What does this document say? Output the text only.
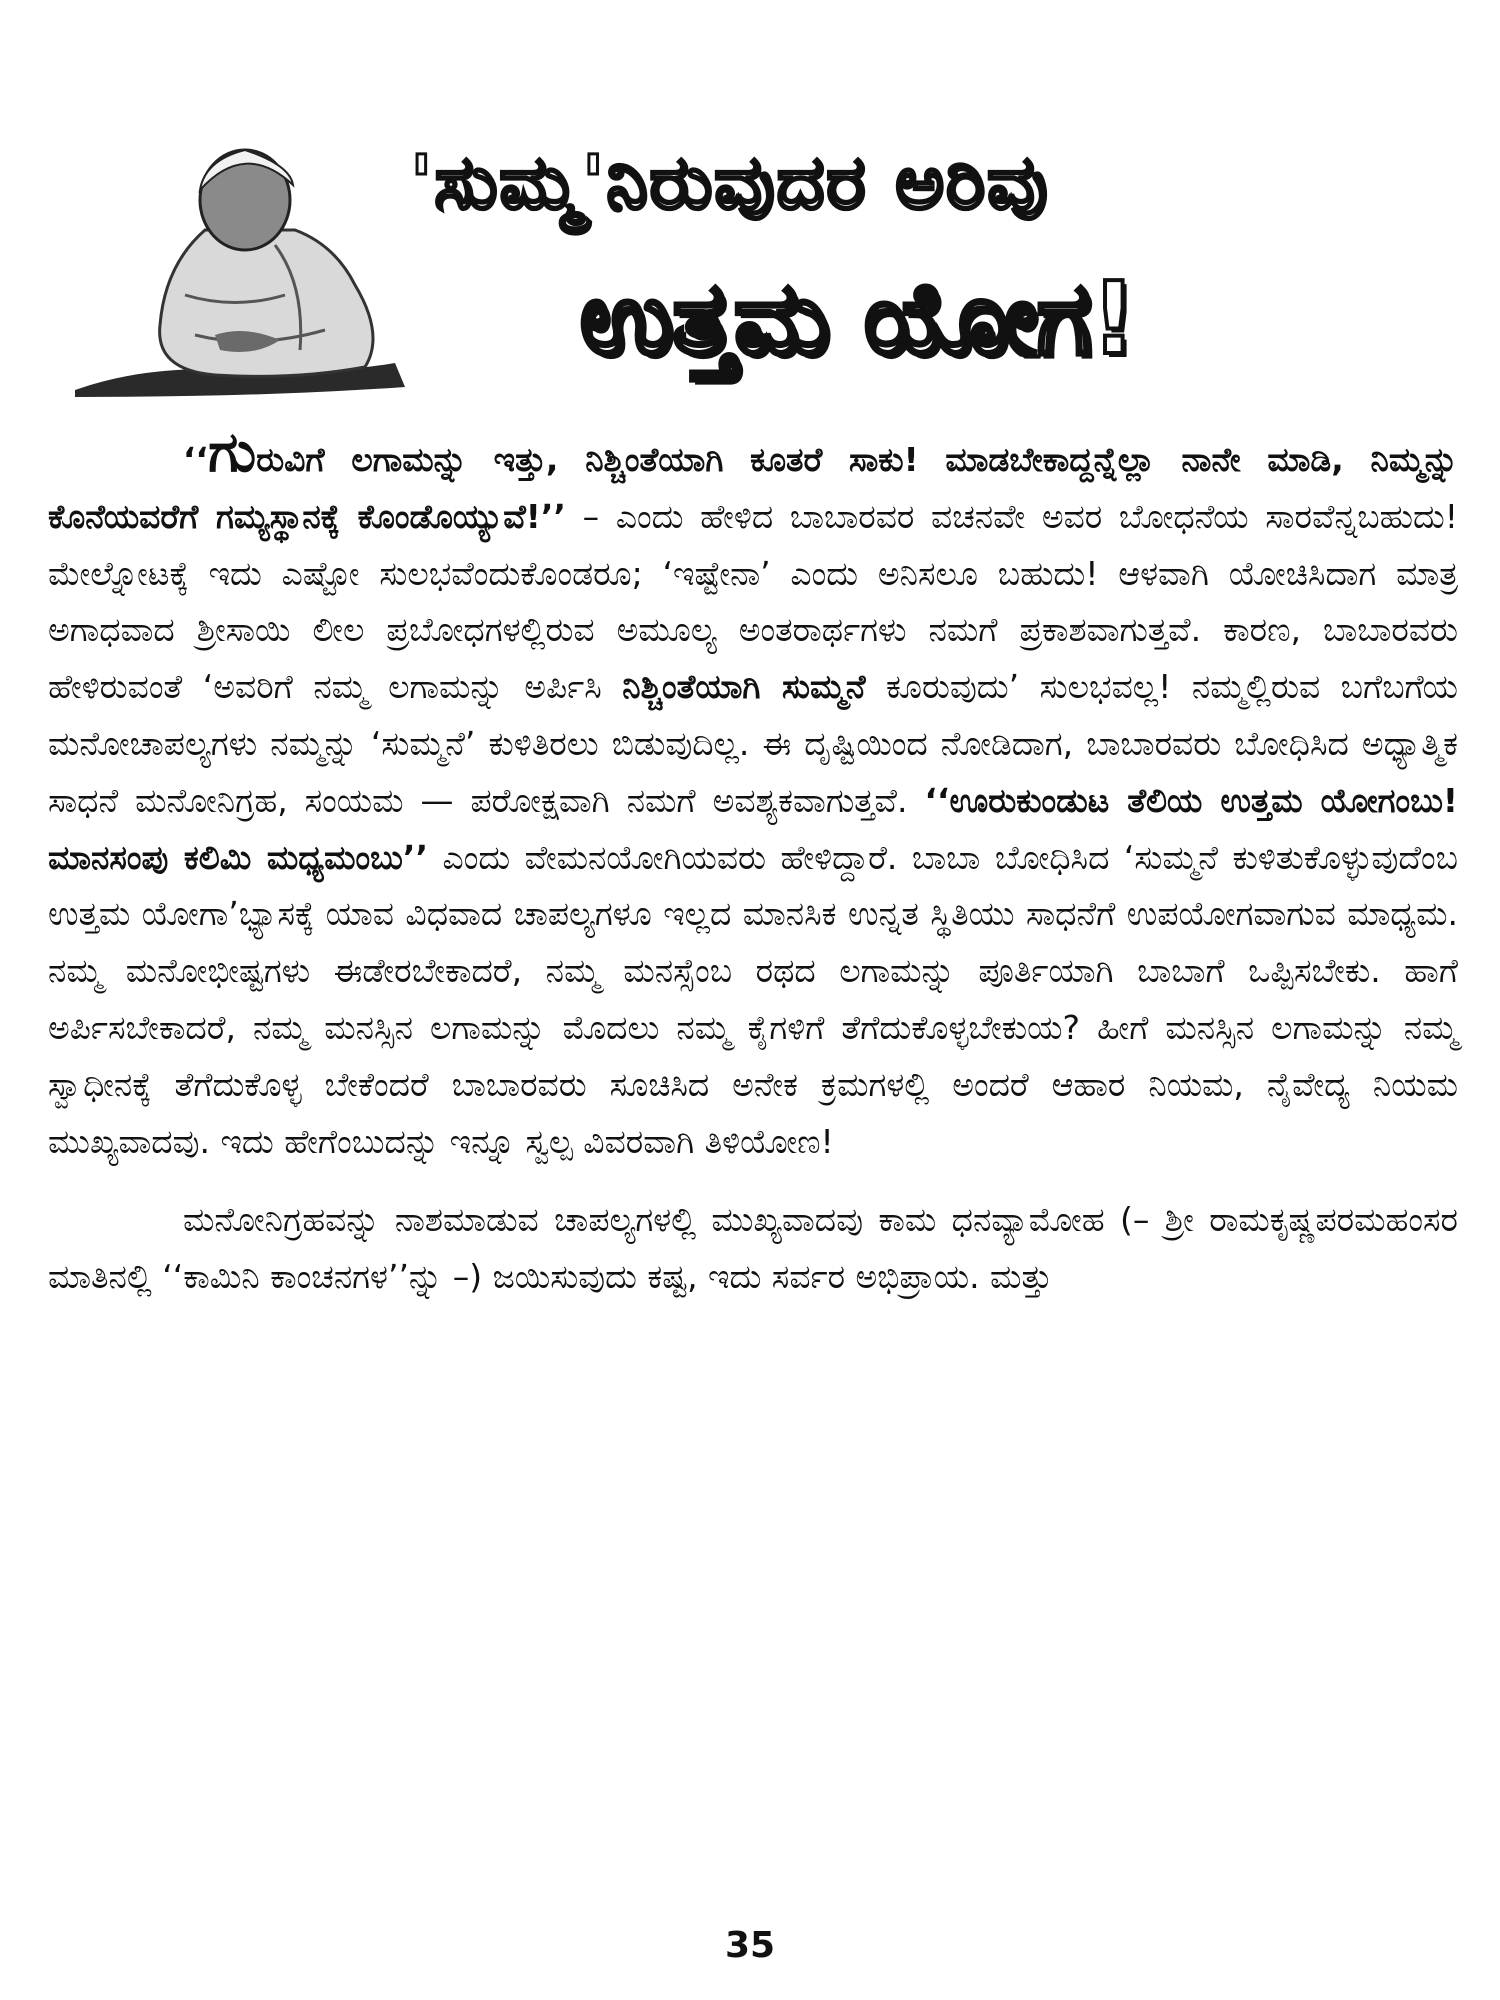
'ಸುಮ್ಮ'ನಿರುವುದರ ಅರಿವು
ಉತ್ತಮ ಯೋಗ!

‘‘ಗುರುವಿಗೆ ಲಗಾಮನ್ನು ಇತ್ತು, ನಿಶ್ಚಿಂತೆಯಾಗಿ ಕೂತರೆ ಸಾಕು! ಮಾಡಬೇಕಾದ್ದನ್ನೆಲ್ಲಾ ನಾನೇ ಮಾಡಿ, ನಿಮ್ಮನ್ನು ಕೊನೆಯವರೆಗೆ ಗಮ್ಯಸ್ಥಾನಕ್ಕೆ ಕೊಂಡೊಯ್ಯುವೆ!’’ – ಎಂದು ಹೇಳಿದ ಬಾಬಾರವರ ವಚನವೇ ಅವರ ಬೋಧನೆಯ ಸಾರವೆನ್ನಬಹುದು! ಮೇಲ್ನೋಟಕ್ಕೆ ಇದು ಎಷ್ಟೋ ಸುಲಭವೆಂದುಕೊಂಡರೂ; ‘ಇಷ್ಟೇನಾ’ ಎಂದು ಅನಿಸಲೂ ಬಹುದು! ಆಳವಾಗಿ ಯೋಚಿಸಿದಾಗ ಮಾತ್ರ ಅಗಾಧವಾದ ಶ್ರೀಸಾಯಿ ಲೀಲ ಪ್ರಬೋಧಗಳಲ್ಲಿರುವ ಅಮೂಲ್ಯ ಅಂತರಾರ್ಥಗಳು ನಮಗೆ ಪ್ರಕಾಶವಾಗುತ್ತವೆ. ಕಾರಣ, ಬಾಬಾರವರು ಹೇಳಿರುವಂತೆ ‘ಅವರಿಗೆ ನಮ್ಮ ಲಗಾಮನ್ನು ಅರ್ಪಿಸಿ ನಿಶ್ಚಿಂತೆಯಾಗಿ ಸುಮ್ಮನೆ ಕೂರುವುದು’ ಸುಲಭವಲ್ಲ! ನಮ್ಮಲ್ಲಿರುವ ಬಗೆಬಗೆಯ ಮನೋಚಾಪಲ್ಯಗಳು ನಮ್ಮನ್ನು ‘ಸುಮ್ಮನೆ’ ಕುಳಿತಿರಲು ಬಿಡುವುದಿಲ್ಲ. ಈ ದೃಷ್ಟಿಯಿಂದ ನೋಡಿದಾಗ, ಬಾಬಾರವರು ಬೋಧಿಸಿದ ಅಧ್ಯಾತ್ಮಿಕ ಸಾಧನೆ ಮನೋನಿಗ್ರಹ, ಸಂಯಮ — ಪರೋಕ್ಷವಾಗಿ ನಮಗೆ ಅವಶ್ಯಕವಾಗುತ್ತವೆ. ‘‘ಊರುಕುಂಡುಟ ತೆಲಿಯ ಉತ್ತಮ ಯೋಗಂಬು! ಮಾನಸಂಪು ಕಲಿಮಿ ಮಧ್ಯಮಂಬು’’ ಎಂದು ವೇಮನಯೋಗಿಯವರು ಹೇಳಿದ್ದಾರೆ. ಬಾಬಾ ಬೋಧಿಸಿದ ‘ಸುಮ್ಮನೆ ಕುಳಿತುಕೊಳ್ಳುವುದೆಂಬ ಉತ್ತಮ ಯೋಗಾ’ಭ್ಯಾಸಕ್ಕೆ ಯಾವ ವಿಧವಾದ ಚಾಪಲ್ಯಗಳೂ ಇಲ್ಲದ ಮಾನಸಿಕ ಉನ್ನತ ಸ್ಥಿತಿಯು ಸಾಧನೆಗೆ ಉಪಯೋಗವಾಗುವ ಮಾಧ್ಯಮ. ನಮ್ಮ ಮನೋಭೀಷ್ಟಗಳು ಈಡೇರಬೇಕಾದರೆ, ನಮ್ಮ ಮನಸ್ಸೆಂಬ ರಥದ ಲಗಾಮನ್ನು ಪೂರ್ತಿಯಾಗಿ ಬಾಬಾಗೆ ಒಪ್ಪಿಸಬೇಕು. ಹಾಗೆ ಅರ್ಪಿಸಬೇಕಾದರೆ, ನಮ್ಮ ಮನಸ್ಸಿನ ಲಗಾಮನ್ನು ಮೊದಲು ನಮ್ಮ ಕೈಗಳಿಗೆ ತೆಗೆದುಕೊಳ್ಳಬೇಕುಯ? ಹೀಗೆ ಮನಸ್ಸಿನ ಲಗಾಮನ್ನು ನಮ್ಮ ಸ್ವಾಧೀನಕ್ಕೆ ತೆಗೆದುಕೊಳ್ಳ ಬೇಕೆಂದರೆ ಬಾಬಾರವರು ಸೂಚಿಸಿದ ಅನೇಕ ಕ್ರಮಗಳಲ್ಲಿ ಅಂದರೆ ಆಹಾರ ನಿಯಮ, ನೈವೇದ್ಯ ನಿಯಮ ಮುಖ್ಯವಾದವು. ಇದು ಹೇಗೆಂಬುದನ್ನು ಇನ್ನೂ ಸ್ವಲ್ಪ ವಿವರವಾಗಿ ತಿಳಿಯೋಣ!

ಮನೋನಿಗ್ರಹವನ್ನು ನಾಶಮಾಡುವ ಚಾಪಲ್ಯಗಳಲ್ಲಿ ಮುಖ್ಯವಾದವು ಕಾಮ ಧನವ್ಯಾಮೋಹ (– ಶ್ರೀ ರಾಮಕೃಷ್ಣಪರಮಹಂಸರ ಮಾತಿನಲ್ಲಿ ‘‘ಕಾಮಿನಿ ಕಾಂಚನಗಳ’’ನ್ನು –) ಜಯಿಸುವುದು ಕಷ್ಟ, ಇದು ಸರ್ವರ ಅಭಿಪ್ರಾಯ. ಮತ್ತು

35
